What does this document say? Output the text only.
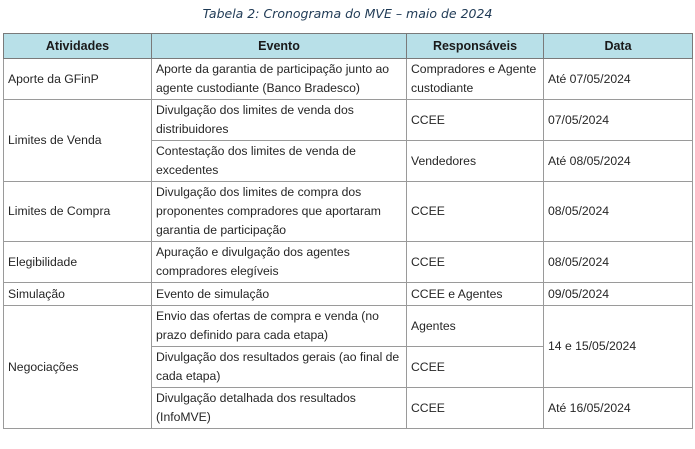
Tabela 2: Cronograma do MVE – maio de 2024
Atividades	Evento	Responsáveis	Data
Aporte da GFinP	Aporte da garantia de participação junto ao agente custodiante (Banco Bradesco)	Compradores e Agente custodiante	Até 07/05/2024
Limites de Venda	Divulgação dos limites de venda dos distribuidores	CCEE	07/05/2024
	Contestação dos limites de venda de excedentes	Vendedores	Até 08/05/2024
Limites de Compra	Divulgação dos limites de compra dos proponentes compradores que aportaram garantia de participação	CCEE	08/05/2024
Elegibilidade	Apuração e divulgação dos agentes compradores elegíveis	CCEE	08/05/2024
Simulação	Evento de simulação	CCEE e Agentes	09/05/2024
Negociações	Envio das ofertas de compra e venda (no prazo definido para cada etapa)	Agentes	14 e 15/05/2024
	Divulgação dos resultados gerais (ao final de cada etapa)	CCEE	
	Divulgação detalhada dos resultados (InfoMVE)	CCEE	Até 16/05/2024
